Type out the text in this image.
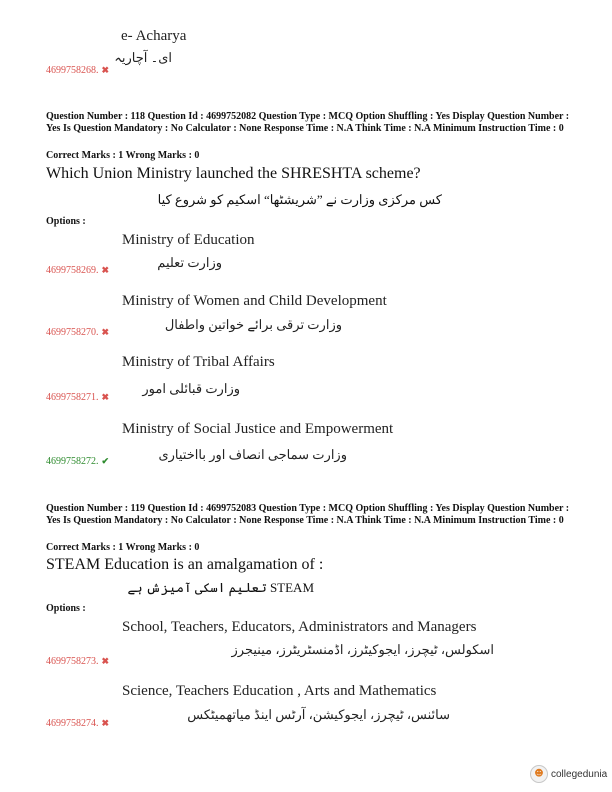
e- Acharya
ای۔ آچاریہ
4699758268. ✖
Question Number : 118 Question Id : 4699752082 Question Type : MCQ Option Shuffling : Yes Display Question Number : Yes Is Question Mandatory : No Calculator : None Response Time : N.A Think Time : N.A Minimum Instruction Time : 0
Correct Marks : 1 Wrong Marks : 0
Which Union Ministry launched the SHRESHTA scheme?
کس مرکزی وزارت نے ”شریشٹھا“ اسکیم کو شروع کیا
Options :
Ministry of Education
وزارت تعلیم
4699758269. ✖
Ministry of Women and Child Development
وزارت ترقی برائے خواتین واطفال
4699758270. ✖
Ministry of Tribal Affairs
وزارت قبائلی امور
4699758271. ✖
Ministry of Social Justice and Empowerment
وزارت سماجی انصاف اور بااختیاری
4699758272. ✔
Question Number : 119 Question Id : 4699752083 Question Type : MCQ Option Shuffling : Yes Display Question Number : Yes Is Question Mandatory : No Calculator : None Response Time : N.A Think Time : N.A Minimum Instruction Time : 0
Correct Marks : 1 Wrong Marks : 0
STEAM Education is an amalgamation of :
STEAM تعلیم اسکی آمیزش ہے
Options :
School, Teachers, Educators, Administrators and Managers
اسکولس، ٹیچرز، ایجوکیٹرز، اڈمنسٹریٹرز، مینیجرز
4699758273. ✖
Science, Teachers Education , Arts and Mathematics
سائنس، ٹیچرز، ایجوکیشن، آرٹس اینڈ میاتھمیٹکس
4699758274. ✖
☻ collegedunia
